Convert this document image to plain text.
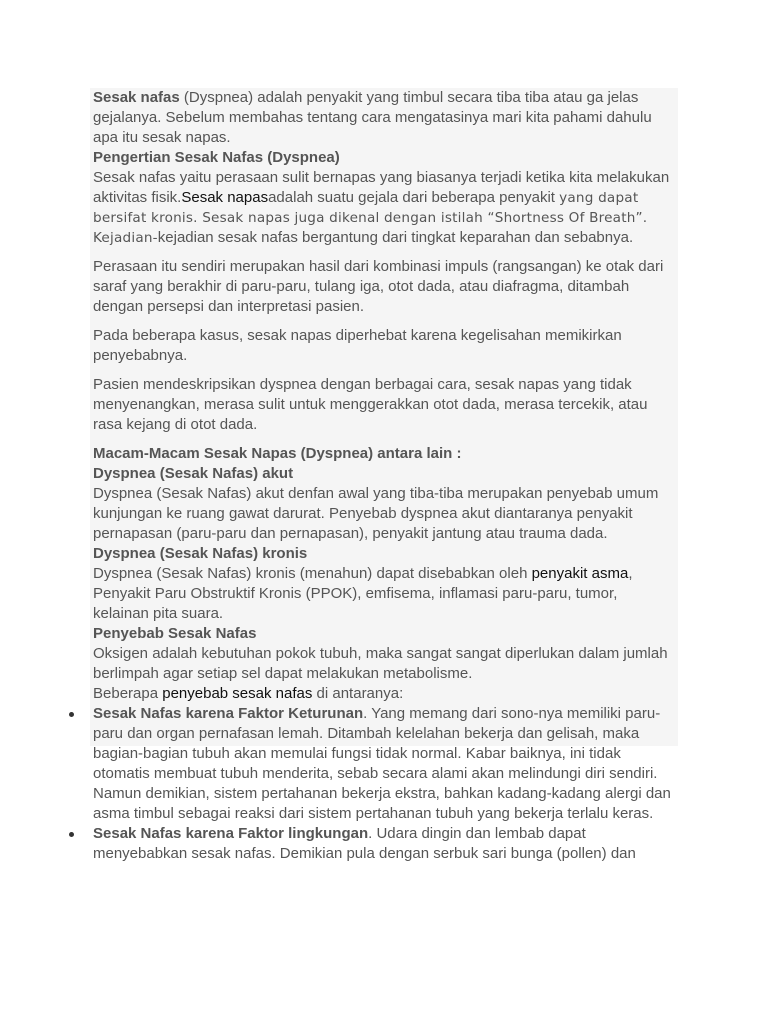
Sesak nafas (Dyspnea) adalah penyakit yang timbul secara tiba tiba atau ga jelas gejalanya. Sebelum membahas tentang cara mengatasinya mari kita pahami dahulu apa itu sesak napas.

Pengertian Sesak Nafas (Dyspnea)

Sesak nafas yaitu perasaan sulit bernapas yang biasanya terjadi ketika kita melakukan aktivitas fisik.Sesak napasadalah suatu gejala dari beberapa penyakit yang dapat bersifat kronis. Sesak napas juga dikenal dengan istilah “Shortness Of Breath”. Kejadian-kejadian sesak nafas bergantung dari tingkat keparahan dan sebabnya.

Perasaan itu sendiri merupakan hasil dari kombinasi impuls (rangsangan) ke otak dari saraf yang berakhir di paru-paru, tulang iga, otot dada, atau diafragma, ditambah dengan persepsi dan interpretasi pasien.

Pada beberapa kasus, sesak napas diperhebat karena kegelisahan memikirkan penyebabnya.

Pasien mendeskripsikan dyspnea dengan berbagai cara, sesak napas yang tidak menyenangkan, merasa sulit untuk menggerakkan otot dada, merasa tercekik, atau rasa kejang di otot dada.

Macam-Macam Sesak Napas (Dyspnea) antara lain :

Dyspnea (Sesak Nafas) akut

Dyspnea (Sesak Nafas) akut denfan awal yang tiba-tiba merupakan penyebab umum kunjungan ke ruang gawat darurat. Penyebab dyspnea akut diantaranya penyakit pernapasan (paru-paru dan pernapasan), penyakit jantung atau trauma dada.

Dyspnea (Sesak Nafas) kronis

Dyspnea (Sesak Nafas) kronis (menahun) dapat disebabkan oleh penyakit asma, Penyakit Paru Obstruktif Kronis (PPOK), emfisema, inflamasi paru-paru, tumor, kelainan pita suara.

Penyebab Sesak Nafas

Oksigen adalah kebutuhan pokok tubuh, maka sangat sangat diperlukan dalam jumlah berlimpah agar setiap sel dapat melakukan metabolisme.

Beberapa penyebab sesak nafas di antaranya:

Sesak Nafas karena Faktor Keturunan. Yang memang dari sono-nya memiliki paru-paru dan organ pernafasan lemah. Ditambah kelelahan bekerja dan gelisah, maka bagian-bagian tubuh akan memulai fungsi tidak normal. Kabar baiknya, ini tidak otomatis membuat tubuh menderita, sebab secara alami akan melindungi diri sendiri. Namun demikian, sistem pertahanan bekerja ekstra, bahkan kadang-kadang alergi dan asma timbul sebagai reaksi dari sistem pertahanan tubuh yang bekerja terlalu keras.
Sesak Nafas karena Faktor lingkungan. Udara dingin dan lembab dapat menyebabkan sesak nafas. Demikian pula dengan serbuk sari bunga (pollen) dan
